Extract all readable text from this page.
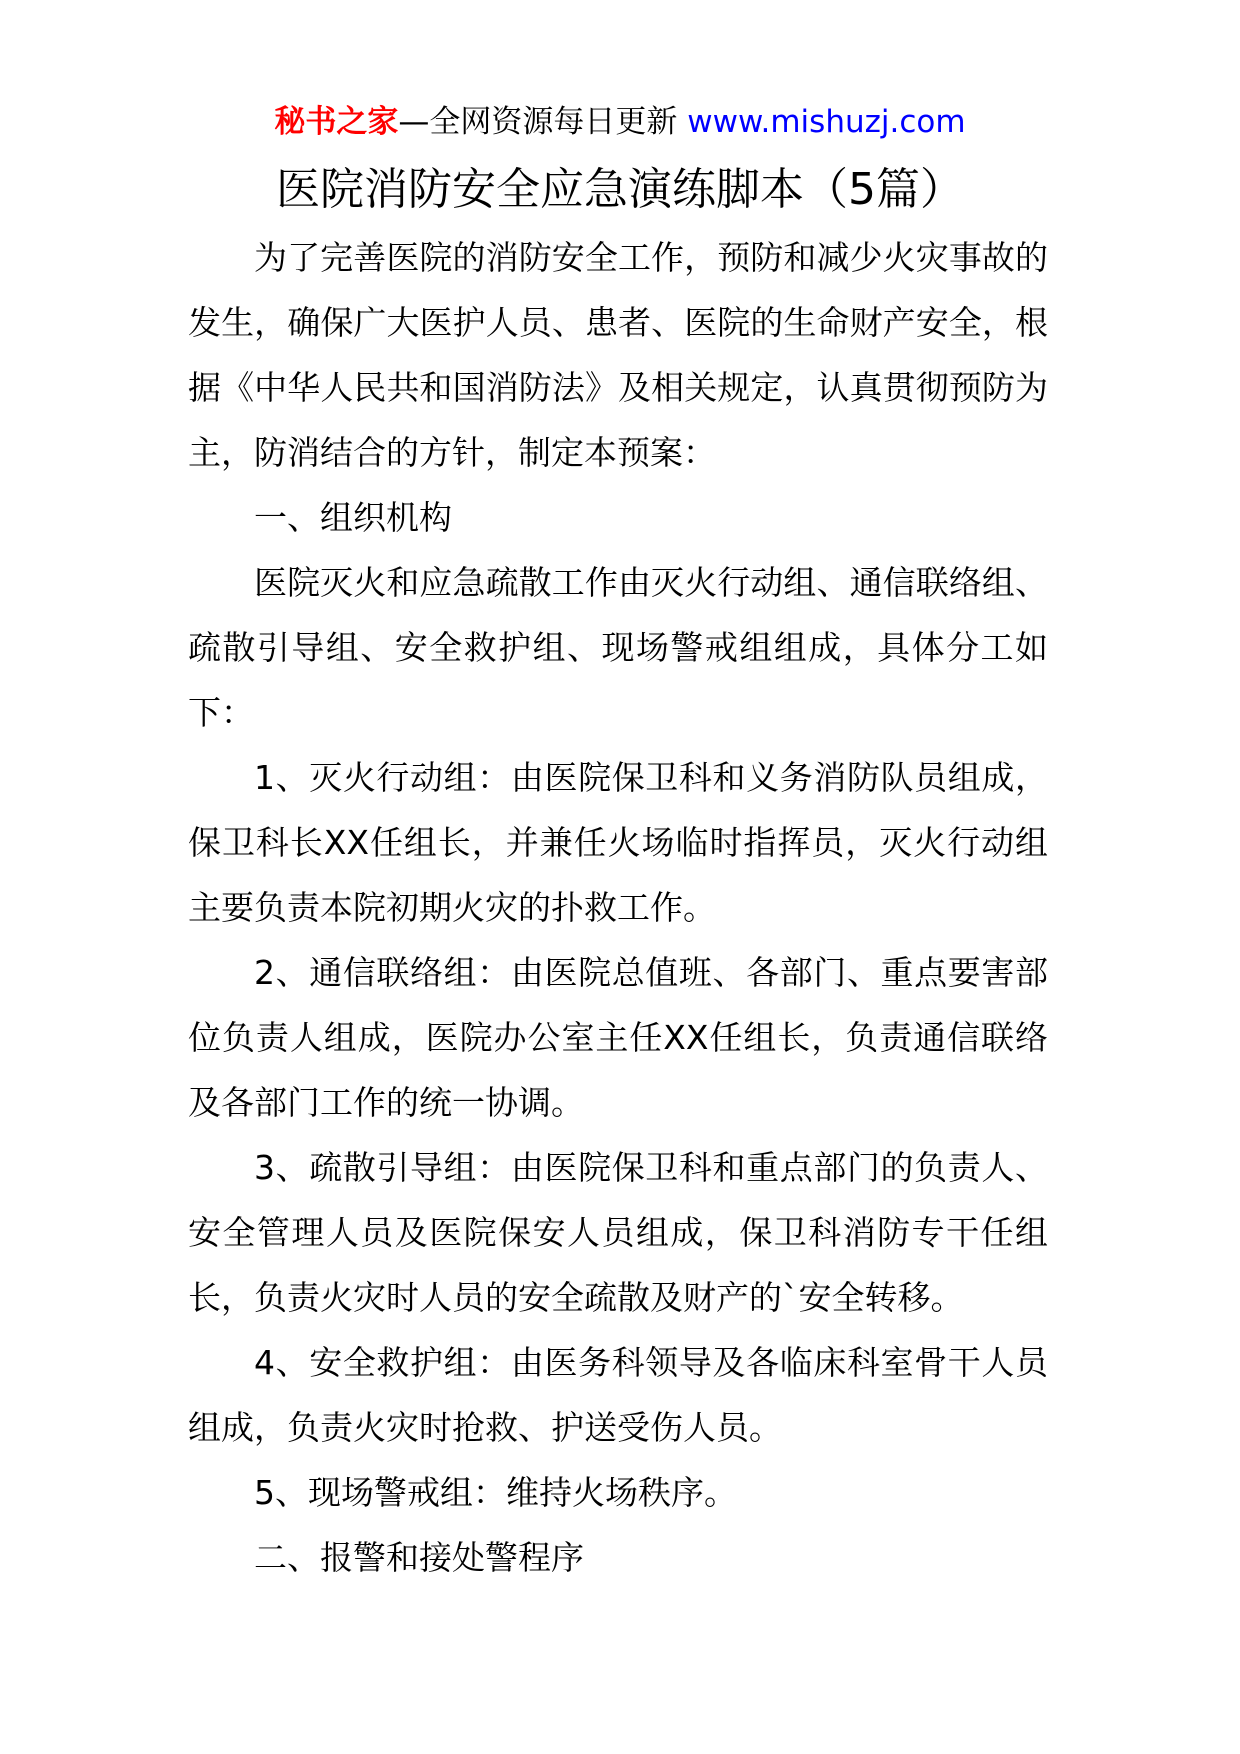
秘书之家—全网资源每日更新 www.mishuzj.com
医院消防安全应急演练脚本（5篇）

为了完善医院的消防安全工作，预防和减少火灾事故的发生，确保广大医护人员、患者、医院的生命财产安全，根据《中华人民共和国消防法》及相关规定，认真贯彻预防为主，防消结合的方针，制定本预案：

一、组织机构

医院灭火和应急疏散工作由灭火行动组、通信联络组、疏散引导组、安全救护组、现场警戒组组成，具体分工如下：

1、灭火行动组：由医院保卫科和义务消防队员组成，保卫科长XX任组长，并兼任火场临时指挥员，灭火行动组主要负责本院初期火灾的扑救工作。

2、通信联络组：由医院总值班、各部门、重点要害部位负责人组成，医院办公室主任XX任组长，负责通信联络及各部门工作的统一协调。

3、疏散引导组：由医院保卫科和重点部门的负责人、安全管理人员及医院保安人员组成，保卫科消防专干任组长，负责火灾时人员的安全疏散及财产的`安全转移。

4、安全救护组：由医务科领导及各临床科室骨干人员组成，负责火灾时抢救、护送受伤人员。

5、现场警戒组：维持火场秩序。

二、报警和接处警程序
